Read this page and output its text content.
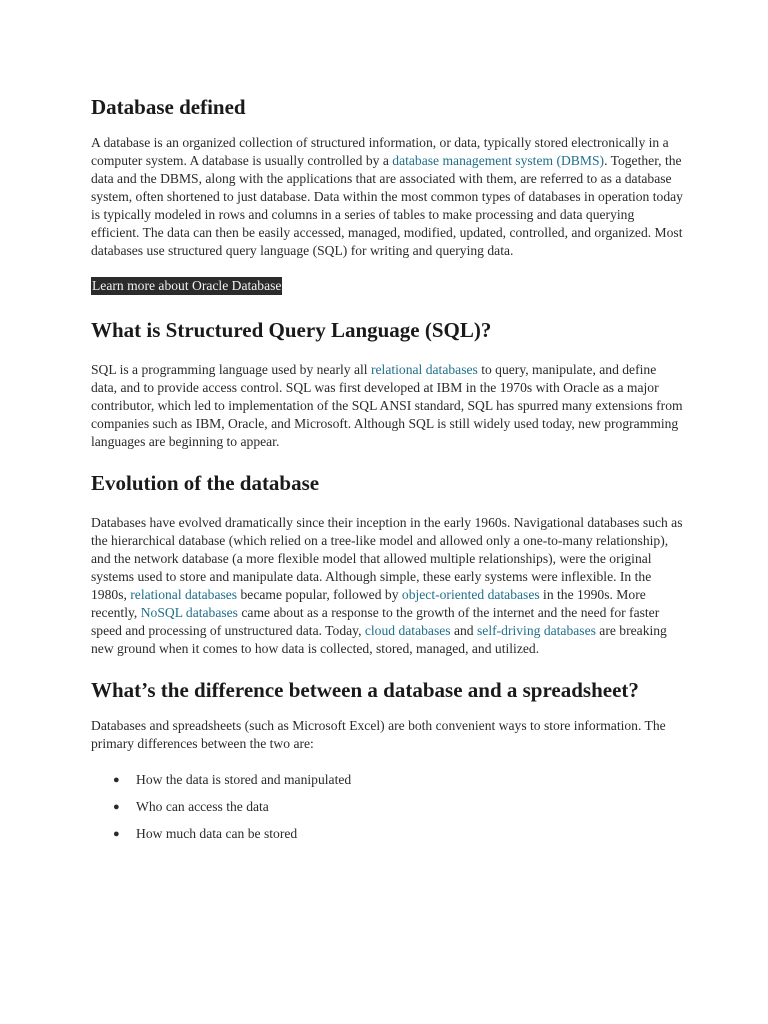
Database defined

A database is an organized collection of structured information, or data, typically stored electronically in a computer system. A database is usually controlled by a database management system (DBMS). Together, the data and the DBMS, along with the applications that are associated with them, are referred to as a database system, often shortened to just database. Data within the most common types of databases in operation today is typically modeled in rows and columns in a series of tables to make processing and data querying efficient. The data can then be easily accessed, managed, modified, updated, controlled, and organized. Most databases use structured query language (SQL) for writing and querying data.

Learn more about Oracle Database
What is Structured Query Language (SQL)?

SQL is a programming language used by nearly all relational databases to query, manipulate, and define data, and to provide access control. SQL was first developed at IBM in the 1970s with Oracle as a major contributor, which led to implementation of the SQL ANSI standard, SQL has spurred many extensions from companies such as IBM, Oracle, and Microsoft. Although SQL is still widely used today, new programming languages are beginning to appear.

Evolution of the database

Databases have evolved dramatically since their inception in the early 1960s. Navigational databases such as the hierarchical database (which relied on a tree-like model and allowed only a one-to-many relationship), and the network database (a more flexible model that allowed multiple relationships), were the original systems used to store and manipulate data. Although simple, these early systems were inflexible. In the 1980s, relational databases became popular, followed by object-oriented databases in the 1990s. More recently, NoSQL databases came about as a response to the growth of the internet and the need for faster speed and processing of unstructured data. Today, cloud databases and self-driving databases are breaking new ground when it comes to how data is collected, stored, managed, and utilized.

What’s the difference between a database and a spreadsheet?

Databases and spreadsheets (such as Microsoft Excel) are both convenient ways to store information. The primary differences between the two are:

● How the data is stored and manipulated
● Who can access the data
● How much data can be stored
